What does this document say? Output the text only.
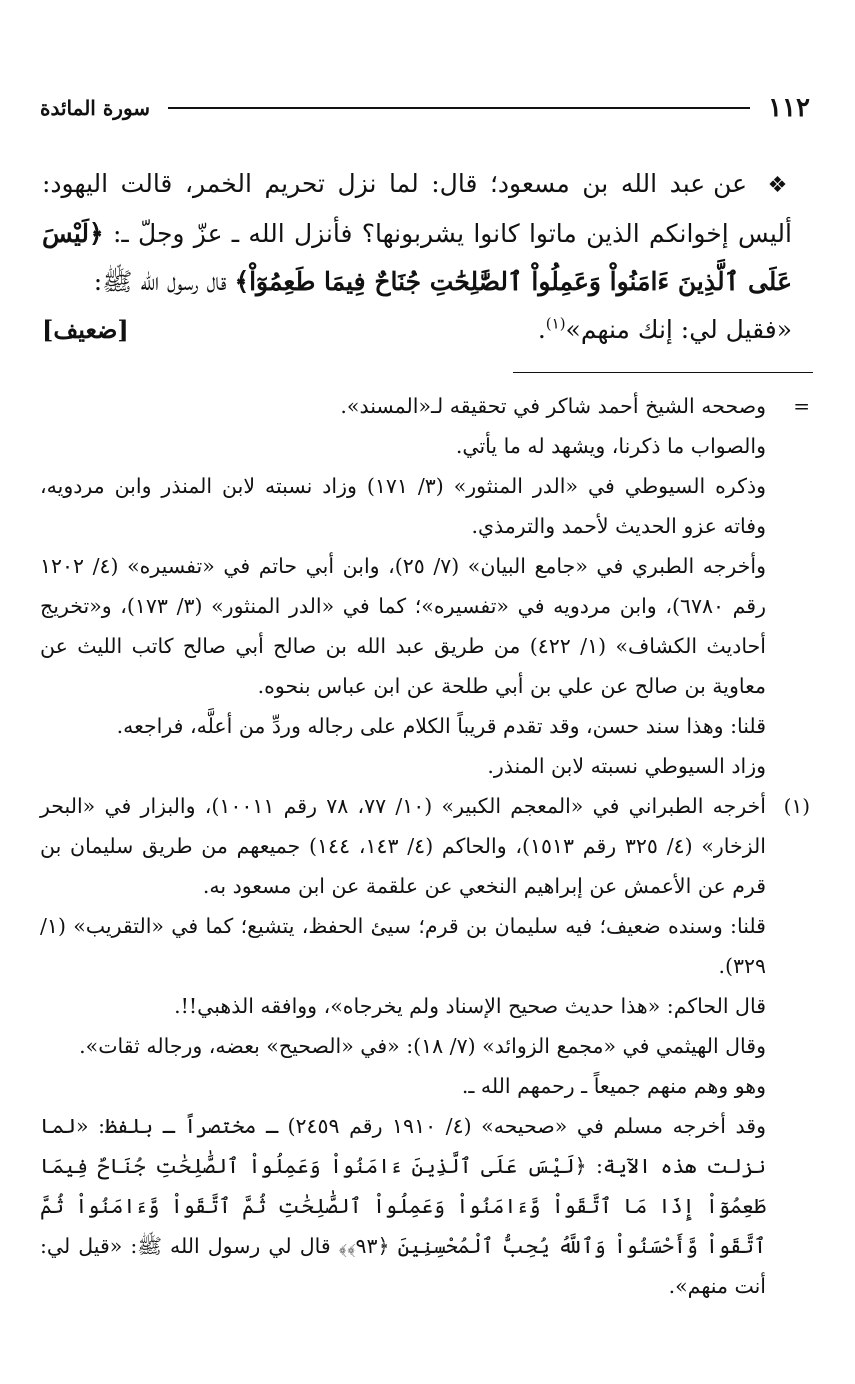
١١٢
سورة المائدة

❖ عن عبد الله بن مسعود؛ قال: لما نزل تحريم الخمر، قالت اليهود: أليس إخوانكم الذين ماتوا كانوا يشربونها؟ فأنزل الله ـ عزّ وجلّ ـ: ﴿لَيْسَ عَلَى ٱلَّذِينَ ءَامَنُواْ وَعَمِلُواْ ٱلصَّٰلِحَٰتِ جُنَاحٌ فِيمَا طَعِمُوٓاْ﴾ قال رسول الله ﷺ:

«فقيل لي: إنك منهم»$^{(١)}$.
[ضعيف]
=

وصححه الشيخ أحمد شاكر في تحقيقه لـ«المسند».

والصواب ما ذكرنا، ويشهد له ما يأتي.

وذكره السيوطي في «الدر المنثور» (٣/ ١٧١) وزاد نسبته لابن المنذر وابن مردويه، وفاته عزو الحديث لأحمد والترمذي.

وأخرجه الطبري في «جامع البيان» (٧/ ٢٥)، وابن أبي حاتم في «تفسيره» (٤/ ١٢٠٢ رقم ٦٧٨٠)، وابن مردويه في «تفسيره»؛ كما في «الدر المنثور» (٣/ ١٧٣)، و«تخريج أحاديث الكشاف» (١/ ٤٢٢) من طريق عبد الله بن صالح أبي صالح كاتب الليث عن معاوية بن صالح عن علي بن أبي طلحة عن ابن عباس بنحوه.

قلنا: وهذا سند حسن، وقد تقدم قريباً الكلام على رجاله وردِّ من أعلَّه، فراجعه.

وزاد السيوطي نسبته لابن المنذر.

(١)

أخرجه الطبراني في «المعجم الكبير» (١٠/ ٧٧، ٧٨ رقم ١٠٠١١)، والبزار في «البحر الزخار» (٤/ ٣٢٥ رقم ١٥١٣)، والحاكم (٤/ ١٤٣، ١٤٤) جميعهم من طريق سليمان بن قرم عن الأعمش عن إبراهيم النخعي عن علقمة عن ابن مسعود به.

قلنا: وسنده ضعيف؛ فيه سليمان بن قرم؛ سيئ الحفظ، يتشيع؛ كما في «التقريب» (١/ ٣٢٩).

قال الحاكم: «هذا حديث صحيح الإسناد ولم يخرجاه»، ووافقه الذهبي!!.

وقال الهيثمي في «مجمع الزوائد» (٧/ ١٨): «في «الصحيح» بعضه، ورجاله ثقات».

وهو وهم منهم جميعاً ـ رحمهم الله ـ.

وقد أخرجه مسلم في «صحيحه» (٤/ ١٩١٠ رقم ٢٤٥٩) ـ مختصراً ـ بلفظ: «لما نزلت هذه الآية: ﴿لَيْسَ عَلَى ٱلَّذِينَ ءَامَنُواْ وَعَمِلُواْ ٱلصَّٰلِحَٰتِ جُنَاحٌ فِيمَا طَعِمُوٓاْ إِذَا مَا ٱتَّقَواْ وَّءَامَنُواْ وَعَمِلُواْ ٱلصَّٰلِحَٰتِ ثُمَّ ٱتَّقَواْ وَّءَامَنُواْ ثُمَّ ٱتَّقَواْ وَّأَحْسَنُواْ وَٱللَّهُ يُحِبُّ ٱلْمُحْسِنِينَ ﴿٩٣﴾﴾ قال لي رسول الله ﷺ: «قيل لي: أنت منهم».
